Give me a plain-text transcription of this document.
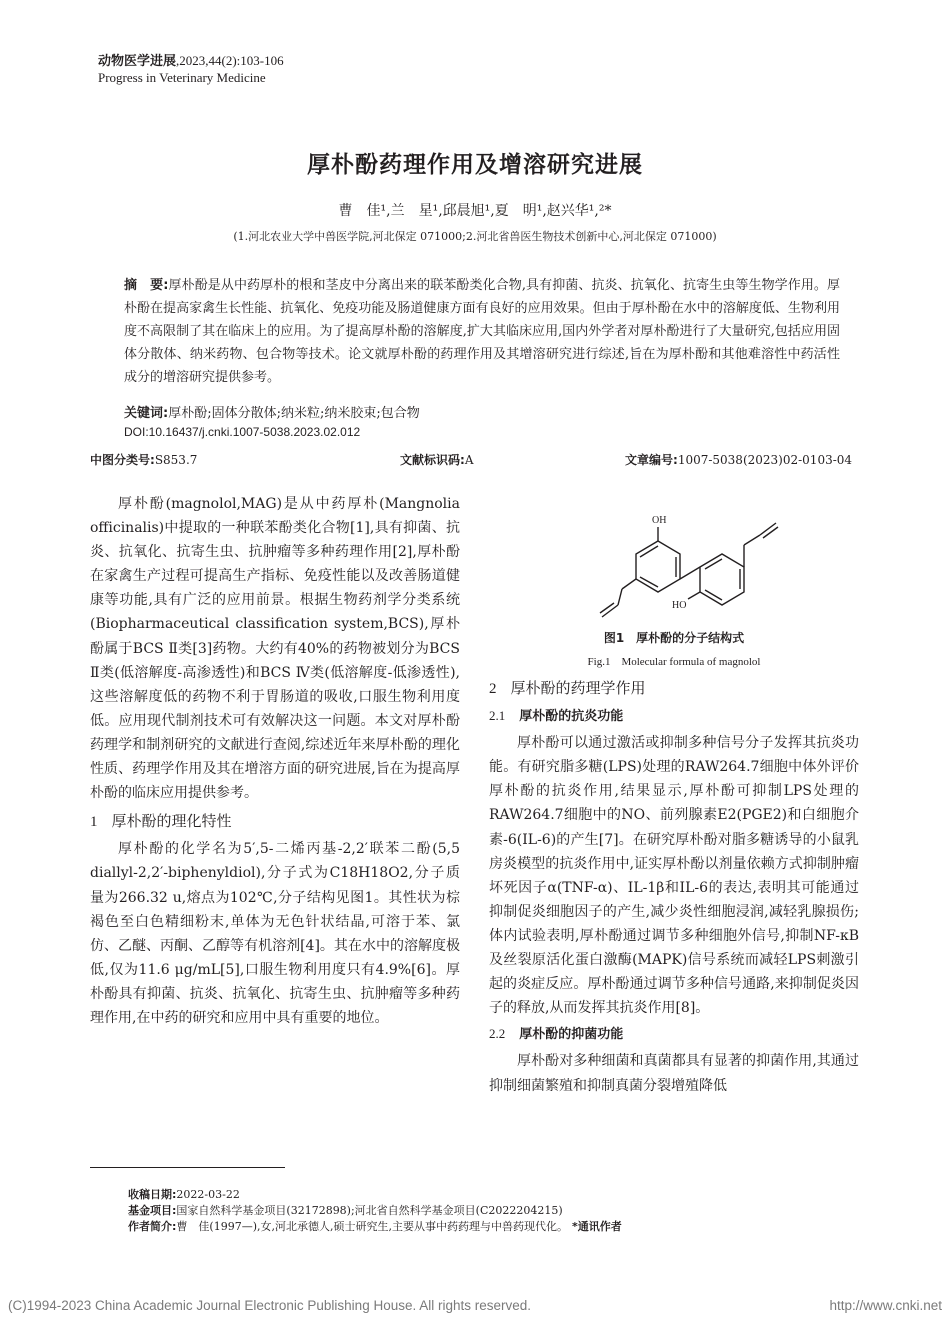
动物医学进展,2023,44(2):103-106
Progress in Veterinary Medicine
厚朴酚药理作用及增溶研究进展
曹　佳¹,兰　星¹,邱晨旭¹,夏　明¹,赵兴华¹,²*
(1.河北农业大学中兽医学院,河北保定 071000;2.河北省兽医生物技术创新中心,河北保定 071000)
摘　要:厚朴酚是从中药厚朴的根和茎皮中分离出来的联苯酚类化合物,具有抑菌、抗炎、抗氧化、抗寄生虫等生物学作用。厚朴酚在提高家禽生长性能、抗氧化、免疫功能及肠道健康方面有良好的应用效果。但由于厚朴酚在水中的溶解度低、生物利用度不高限制了其在临床上的应用。为了提高厚朴酚的溶解度,扩大其临床应用,国内外学者对厚朴酚进行了大量研究,包括应用固体分散体、纳米药物、包合物等技术。论文就厚朴酚的药理作用及其增溶研究进行综述,旨在为厚朴酚和其他难溶性中药活性成分的增溶研究提供参考。
关键词:厚朴酚;固体分散体;纳米粒;纳米胶束;包合物
DOI:10.16437/j.cnki.1007-5038.2023.02.012
中图分类号:S853.7	文献标识码:A	文章编号:1007-5038(2023)02-0103-04

厚朴酚(magnolol,MAG)是从中药厚朴(Mangnolia officinalis)中提取的一种联苯酚类化合物[1],具有抑菌、抗炎、抗氧化、抗寄生虫、抗肿瘤等多种药理作用[2],厚朴酚在家禽生产过程可提高生产指标、免疫性能以及改善肠道健康等功能,具有广泛的应用前景。根据生物药剂学分类系统(Biopharmaceutical classification system,BCS),厚朴酚属于BCS Ⅱ类[3]药物。大约有40%的药物被划分为BCS Ⅱ类(低溶解度-高渗透性)和BCS Ⅳ类(低溶解度-低渗透性),这些溶解度低的药物不利于胃肠道的吸收,口服生物利用度低。应用现代制剂技术可有效解决这一问题。本文对厚朴酚药理学和制剂研究的文献进行查阅,综述近年来厚朴酚的理化性质、药理学作用及其在增溶方面的研究进展,旨在为提高厚朴酚的临床应用提供参考。

1 厚朴酚的理化特性

厚朴酚的化学名为5′,5-二烯丙基-2,2′联苯二酚(5,5 diallyl-2,2′-biphenyldiol),分子式为C18H18O2,分子质量为266.32 u,熔点为102℃,分子结构见图1。其性状为棕褐色至白色精细粉末,单体为无色针状结晶,可溶于苯、氯仿、乙醚、丙酮、乙醇等有机溶剂[4]。其在水中的溶解度极低,仅为11.6 μg/mL[5],口服生物利用度只有4.9%[6]。厚朴酚具有抑菌、抗炎、抗氧化、抗寄生虫、抗肿瘤等多种药理作用,在中药的研究和应用中具有重要的地位。

OH
HO
图1　厚朴酚的分子结构式
Fig.1　Molecular formula of magnolol
2 厚朴酚的药理学作用
2.1 厚朴酚的抗炎功能

厚朴酚可以通过激活或抑制多种信号分子发挥其抗炎功能。有研究脂多糖(LPS)处理的RAW264.7细胞中体外评价厚朴酚的抗炎作用,结果显示,厚朴酚可抑制LPS处理的RAW264.7细胞中的NO、前列腺素E2(PGE2)和白细胞介素-6(IL-6)的产生[7]。在研究厚朴酚对脂多糖诱导的小鼠乳房炎模型的抗炎作用中,证实厚朴酚以剂量依赖方式抑制肿瘤坏死因子α(TNF-α)、IL-1β和IL-6的表达,表明其可能通过抑制促炎细胞因子的产生,减少炎性细胞浸润,减轻乳腺损伤;体内试验表明,厚朴酚通过调节多种细胞外信号,抑制NF-κB及丝裂原活化蛋白激酶(MAPK)信号系统而减轻LPS刺激引起的炎症反应。厚朴酚通过调节多种信号通路,来抑制促炎因子的释放,从而发挥其抗炎作用[8]。

2.2 厚朴酚的抑菌功能

厚朴酚对多种细菌和真菌都具有显著的抑菌作用,其通过抑制细菌繁殖和抑制真菌分裂增殖降低

收稿日期:2022-03-22
基金项目:国家自然科学基金项目(32172898);河北省自然科学基金项目(C2022204215)
作者简介:曹　佳(1997—),女,河北承德人,硕士研究生,主要从事中药药理与中兽药现代化。 *通讯作者
(C)1994-2023 China Academic Journal Electronic Publishing House. All rights reserved.	http://www.cnki.net
